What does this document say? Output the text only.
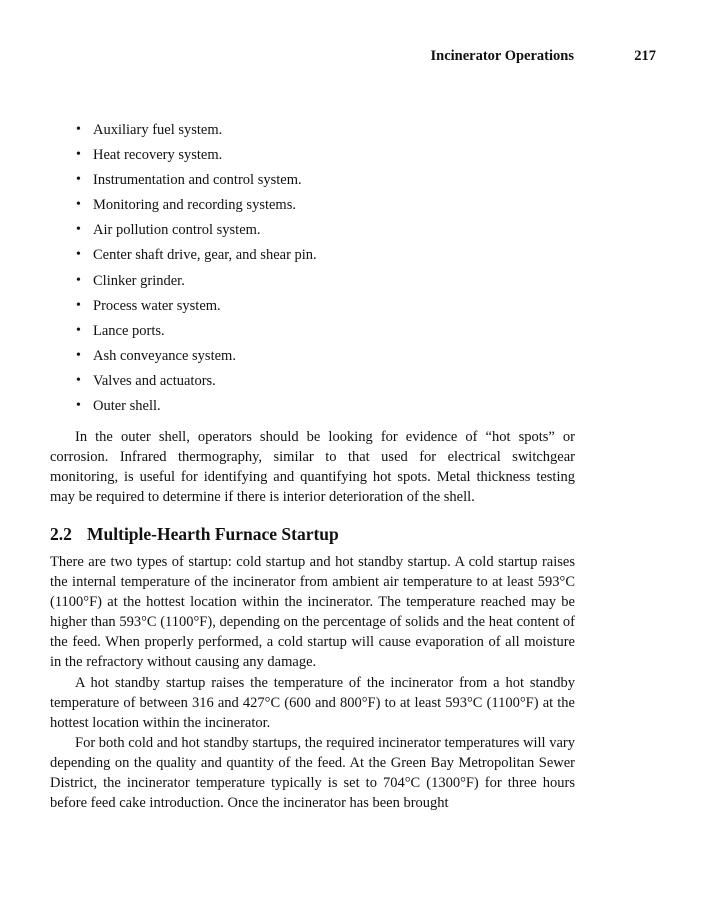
Incinerator Operations	217
• Auxiliary fuel system.
• Heat recovery system.
• Instrumentation and control system.
• Monitoring and recording systems.
• Air pollution control system.
• Center shaft drive, gear, and shear pin.
• Clinker grinder.
• Process water system.
• Lance ports.
• Ash conveyance system.
• Valves and actuators.
• Outer shell.

In the outer shell, operators should be looking for evidence of “hot spots” or corrosion. Infrared thermography, similar to that used for electrical switchgear monitoring, is useful for identifying and quantifying hot spots. Metal thickness testing may be required to determine if there is interior deterioration of the shell.

2.2 Multiple-Hearth Furnace Startup

There are two types of startup: cold startup and hot standby startup. A cold startup raises the internal temperature of the incinerator from ambient air temperature to at least 593°C (1100°F) at the hottest location within the incinerator. The temperature reached may be higher than 593°C (1100°F), depending on the percentage of solids and the heat content of the feed. When properly performed, a cold startup will cause evaporation of all moisture in the refractory without causing any damage.

A hot standby startup raises the temperature of the incinerator from a hot standby temperature of between 316 and 427°C (600 and 800°F) to at least 593°C (1100°F) at the hottest location within the incinerator.

For both cold and hot standby startups, the required incinerator temperatures will vary depending on the quality and quantity of the feed. At the Green Bay Metropolitan Sewer District, the incinerator temperature typically is set to 704°C (1300°F) for three hours before feed cake introduction. Once the incinerator has been brought
